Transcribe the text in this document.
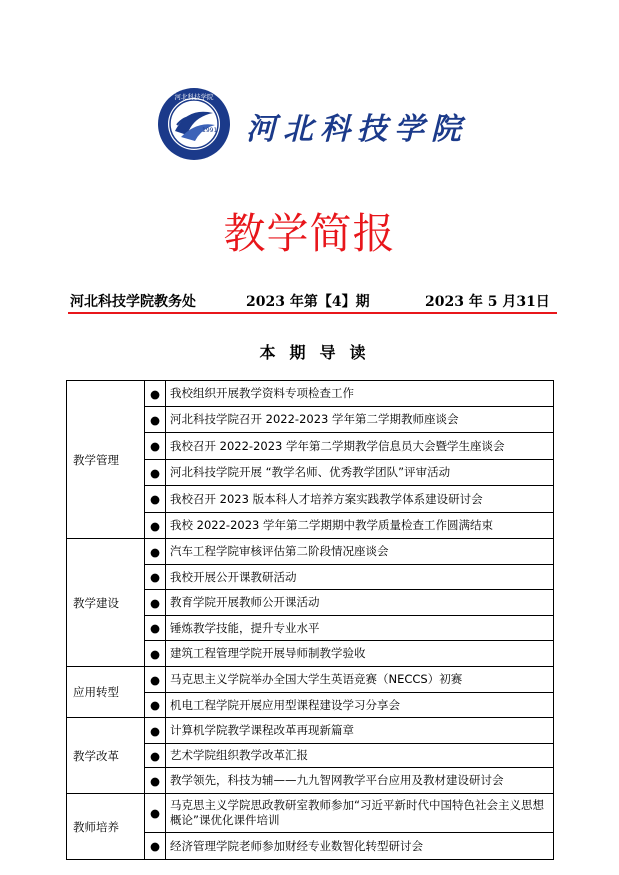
1991
河北科技学院
河北科技学院
教学简报
河北科技学院教务处	2023 年第【4】期	2023 年 5 月31日
本期导读
教学管理	●	我校组织开展教学资料专项检查工作
	●	河北科技学院召开 2022-2023 学年第二学期教师座谈会
	●	我校召开 2022-2023 学年第二学期教学信息员大会暨学生座谈会
	●	河北科技学院开展 “教学名师、优秀教学团队”评审活动
	●	我校召开 2023 版本科人才培养方案实践教学体系建设研讨会
	●	我校 2022-2023 学年第二学期期中教学质量检查工作圆满结束
教学建设	●	汽车工程学院审核评估第二阶段情况座谈会
	●	我校开展公开课教研活动
	●	教育学院开展教师公开课活动
	●	锤炼教学技能，提升专业水平
	●	建筑工程管理学院开展导师制教学验收
应用转型	●	马克思主义学院举办全国大学生英语竞赛（NECCS）初赛
	●	机电工程学院开展应用型课程建设学习分享会
教学改革	●	计算机学院教学课程改革再现新篇章
	●	艺术学院组织教学改革汇报
	●	教学领先，科技为辅——九九智网教学平台应用及教材建设研讨会
教师培养	●	马克思主义学院思政教研室教师参加“习近平新时代中国特色社会主义思想概论”课优化课件培训
	●	经济管理学院老师参加财经专业数智化转型研讨会
